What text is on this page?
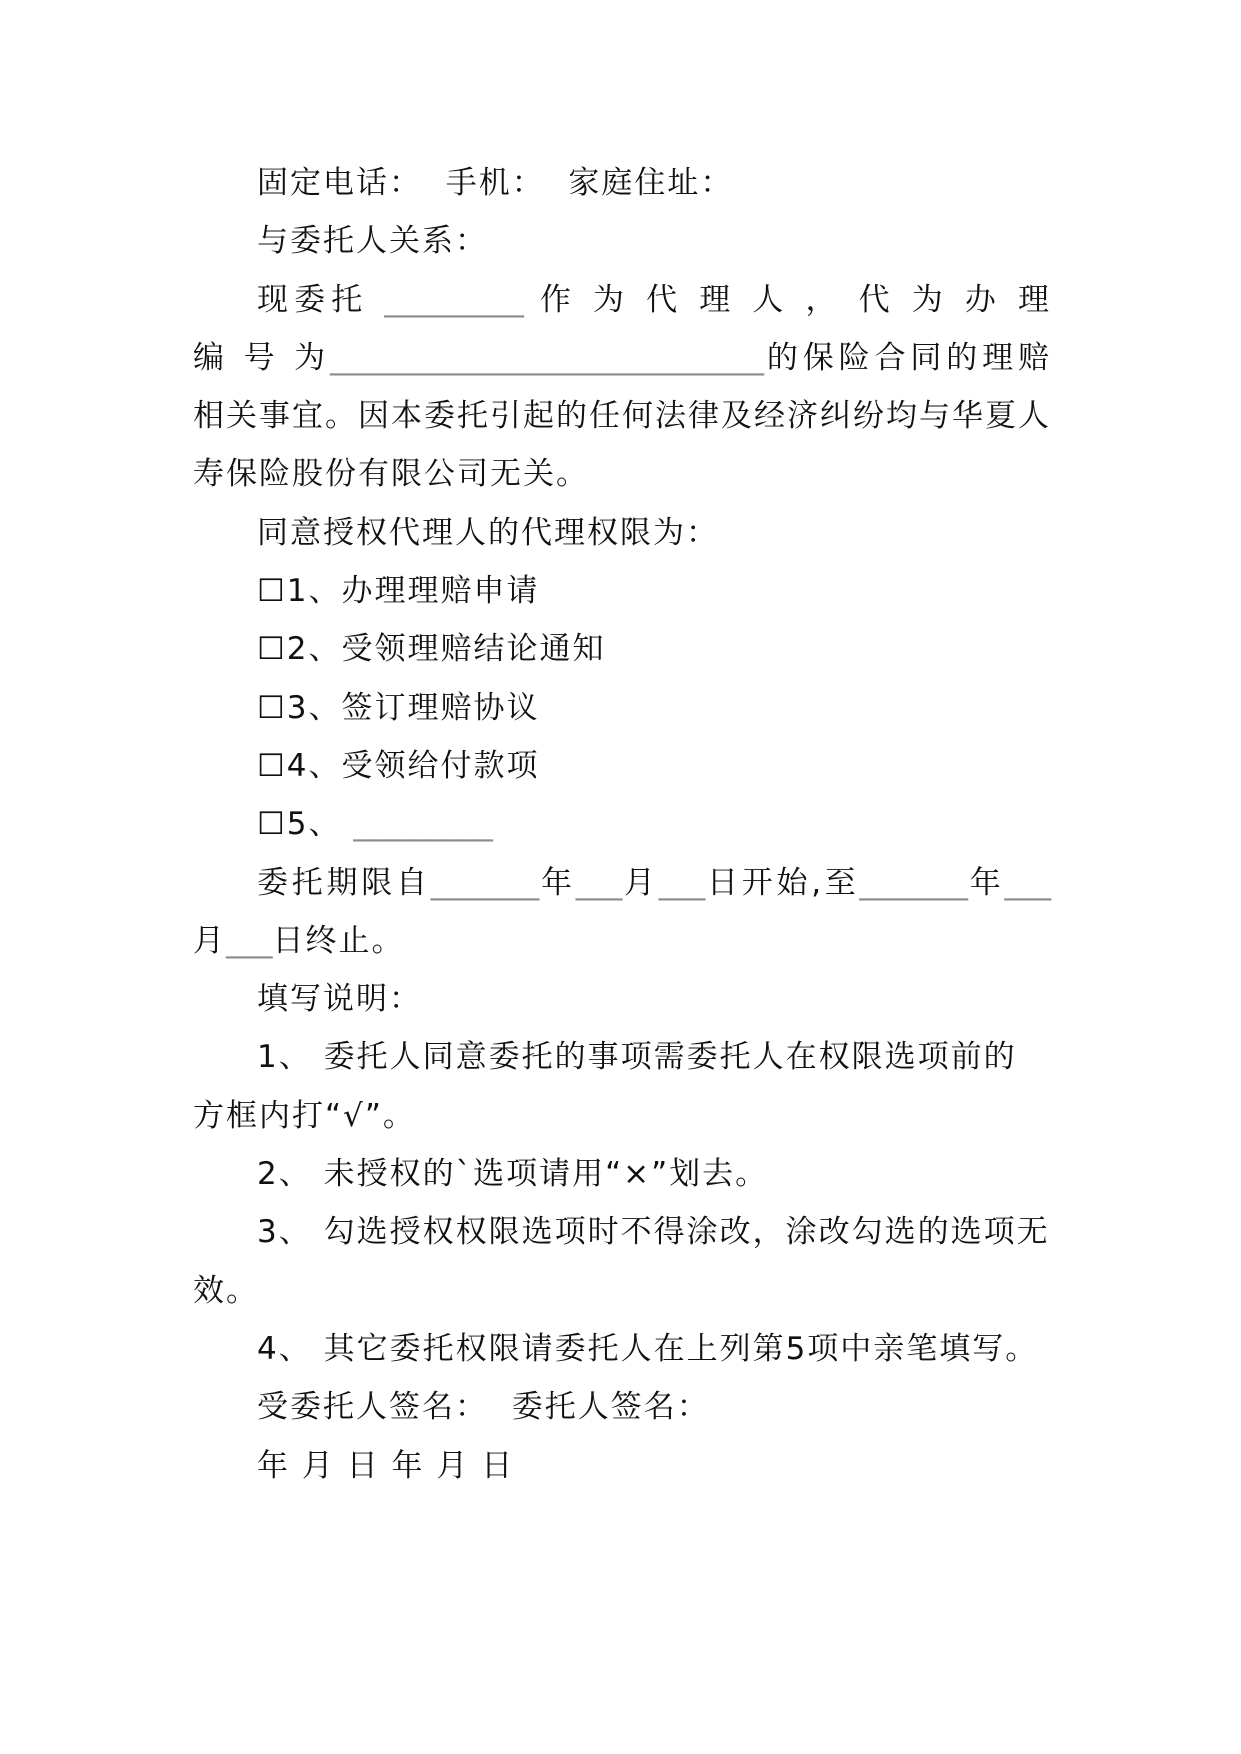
固定电话：  手机：  家庭住址：
与委托人关系：
现委托 _________ 作 为 代 理 人 ， 代 为 办 理
编 号 为____________________________的保险合同的理赔
相关事宜。因本委托引起的任何法律及经济纠纷均与华夏人
寿保险股份有限公司无关。
同意授权代理人的代理权限为：
☐1、办理理赔申请
☐2、受领理赔结论通知
☐3、签订理赔协议
☐4、受领给付款项
☐5、 _________
委托期限自_______年___月___日开始,至_______年___
月___日终止。
填写说明：
1、 委托人同意委托的事项需委托人在权限选项前的
方框内打“√”。
2、 未授权的`选项请用“×”划去。
3、 勾选授权权限选项时不得涂改，涂改勾选的选项无
效。
4、 其它委托权限请委托人在上列第5项中亲笔填写。
受委托人签名：  委托人签名：
年 月 日 年 月 日
